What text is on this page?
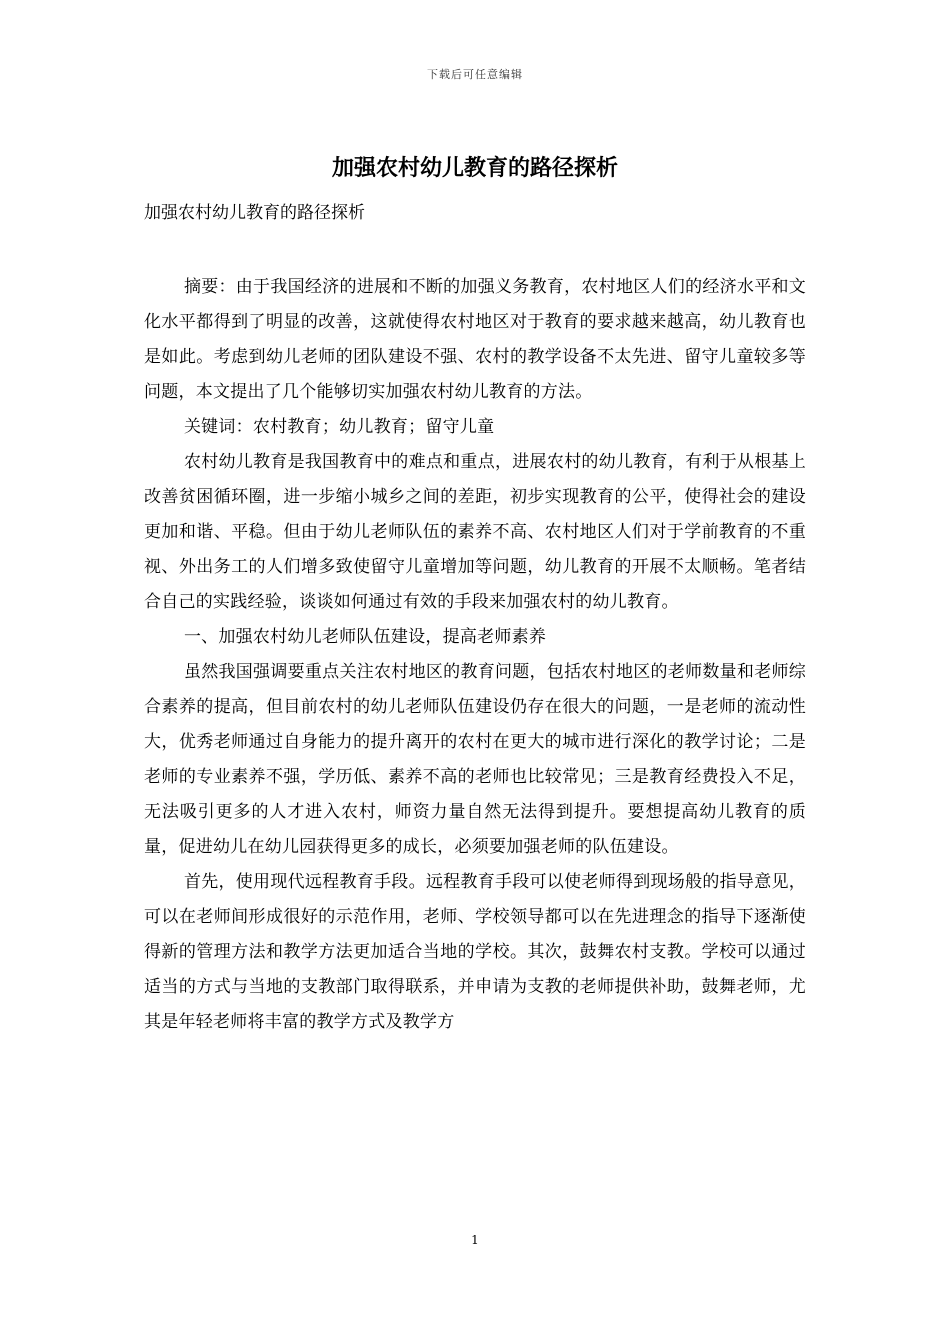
下载后可任意编辑
加强农村幼儿教育的路径探析

加强农村幼儿教育的路径探析

摘要：由于我国经济的进展和不断的加强义务教育，农村地区人们的经济水平和文化水平都得到了明显的改善，这就使得农村地区对于教育的要求越来越高，幼儿教育也是如此。考虑到幼儿老师的团队建设不强、农村的教学设备不太先进、留守儿童较多等问题，本文提出了几个能够切实加强农村幼儿教育的方法。

关键词：农村教育；幼儿教育；留守儿童

农村幼儿教育是我国教育中的难点和重点，进展农村的幼儿教育，有利于从根基上改善贫困循环圈，进一步缩小城乡之间的差距，初步实现教育的公平，使得社会的建设更加和谐、平稳。但由于幼儿老师队伍的素养不高、农村地区人们对于学前教育的不重视、外出务工的人们增多致使留守儿童增加等问题，幼儿教育的开展不太顺畅。笔者结合自己的实践经验，谈谈如何通过有效的手段来加强农村的幼儿教育。

一、加强农村幼儿老师队伍建设，提高老师素养

虽然我国强调要重点关注农村地区的教育问题，包括农村地区的老师数量和老师综合素养的提高，但目前农村的幼儿老师队伍建设仍存在很大的问题，一是老师的流动性大，优秀老师通过自身能力的提升离开的农村在更大的城市进行深化的教学讨论；二是老师的专业素养不强，学历低、素养不高的老师也比较常见；三是教育经费投入不足，无法吸引更多的人才进入农村，师资力量自然无法得到提升。要想提高幼儿教育的质量，促进幼儿在幼儿园获得更多的成长，必须要加强老师的队伍建设。

首先，使用现代远程教育手段。远程教育手段可以使老师得到现场般的指导意见，可以在老师间形成很好的示范作用，老师、学校领导都可以在先进理念的指导下逐渐使得新的管理方法和教学方法更加适合当地的学校。其次，鼓舞农村支教。学校可以通过适当的方式与当地的支教部门取得联系，并申请为支教的老师提供补助，鼓舞老师，尤其是年轻老师将丰富的教学方式及教学方

1
